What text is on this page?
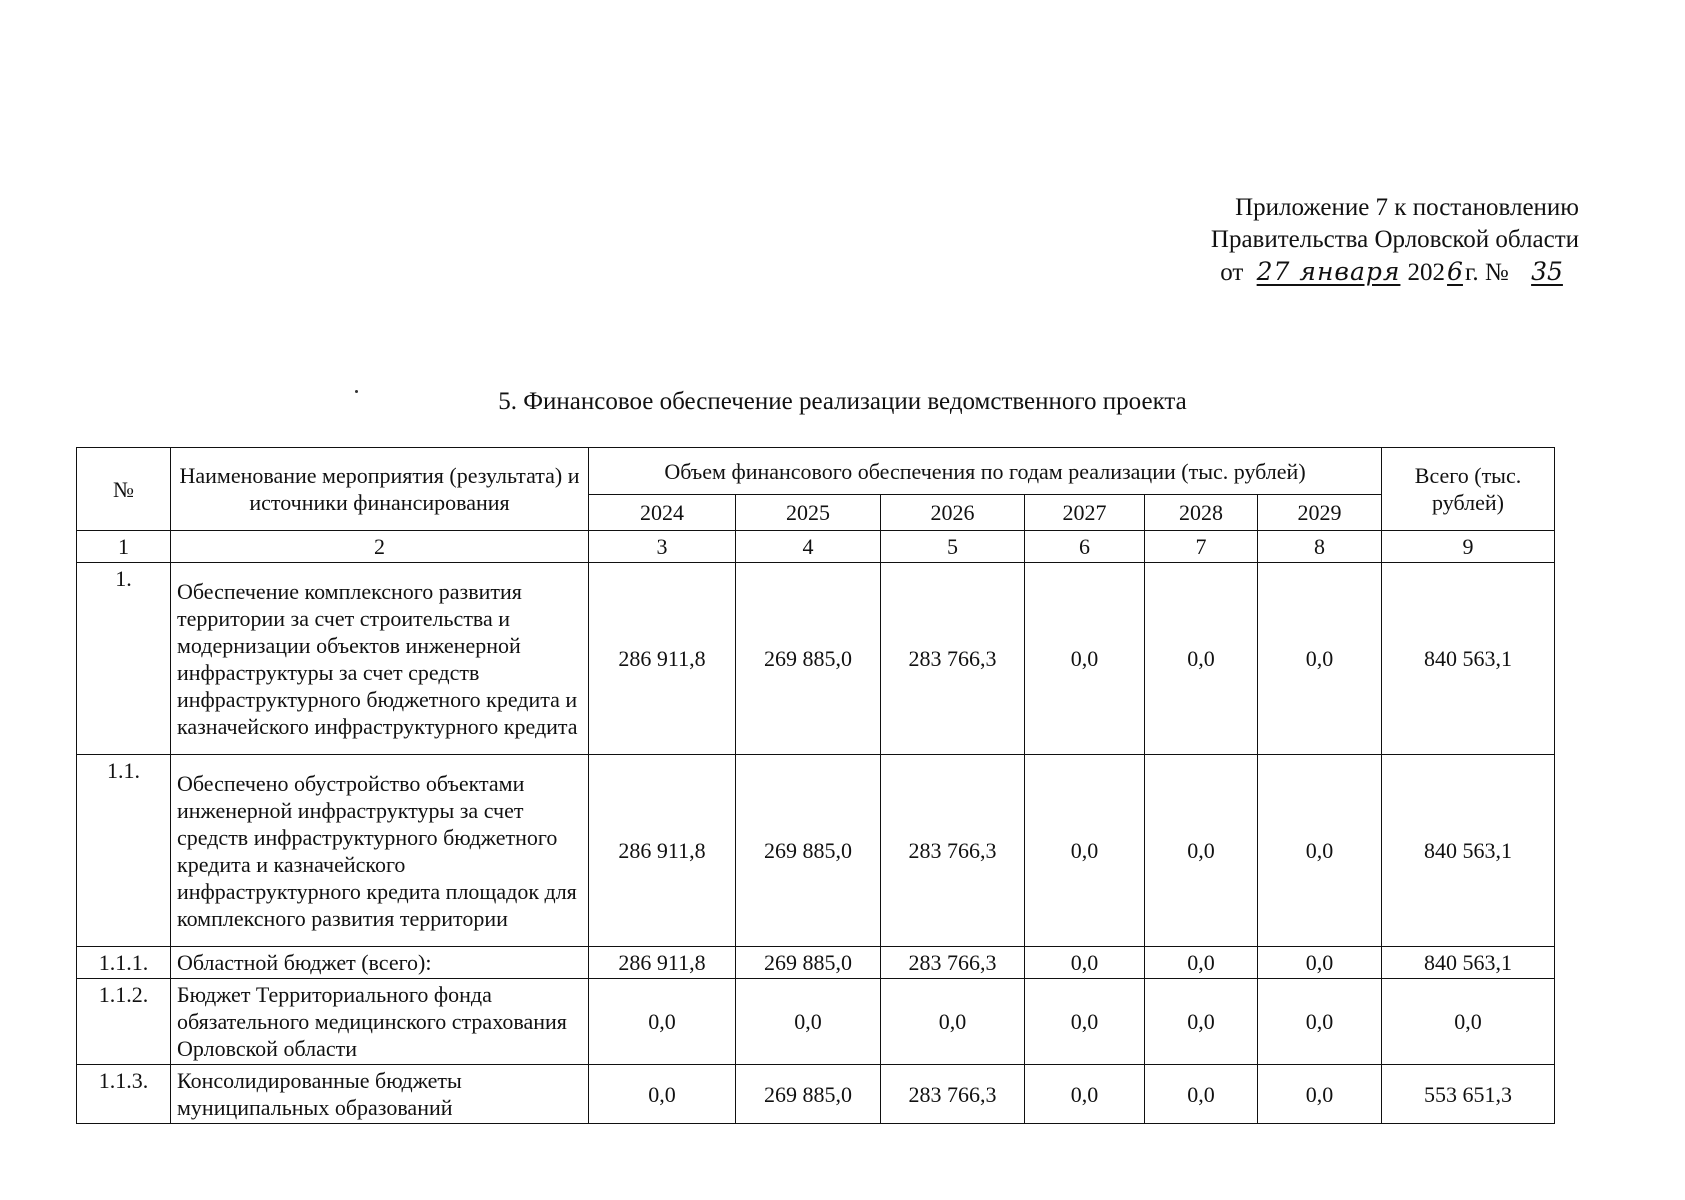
Приложение 7 к постановлению
Правительства Орловской области
от 27 января 2026г. № 35
5. Финансовое обеспечение реализации ведомственного проекта
№	Наименование мероприятия (результата) и источники финансирования	Объем финансового обеспечения по годам реализации (тыс. рублей)						Всего (тыс. рублей)
		2024	2025	2026	2027	2028	2029	
1	2	3	4	5	6	7	8	9
1.	Обеспечение комплексного развития территории за счет строительства и модернизации объектов инженерной инфраструктуры за счет средств инфраструктурного бюджетного кредита и казначейского инфраструктурного кредита	286 911,8	269 885,0	283 766,3	0,0	0,0	0,0	840 563,1
1.1.	Обеспечено обустройство объектами инженерной инфраструктуры за счет средств инфраструктурного бюджетного кредита и казначейского инфраструктурного кредита площадок для комплексного развития территории	286 911,8	269 885,0	283 766,3	0,0	0,0	0,0	840 563,1
1.1.1.	Областной бюджет (всего):	286 911,8	269 885,0	283 766,3	0,0	0,0	0,0	840 563,1
1.1.2.	Бюджет Территориального фонда обязательного медицинского страхования Орловской области	0,0	0,0	0,0	0,0	0,0	0,0	0,0
1.1.3.	Консолидированные бюджеты муниципальных образований	0,0	269 885,0	283 766,3	0,0	0,0	0,0	553 651,3
